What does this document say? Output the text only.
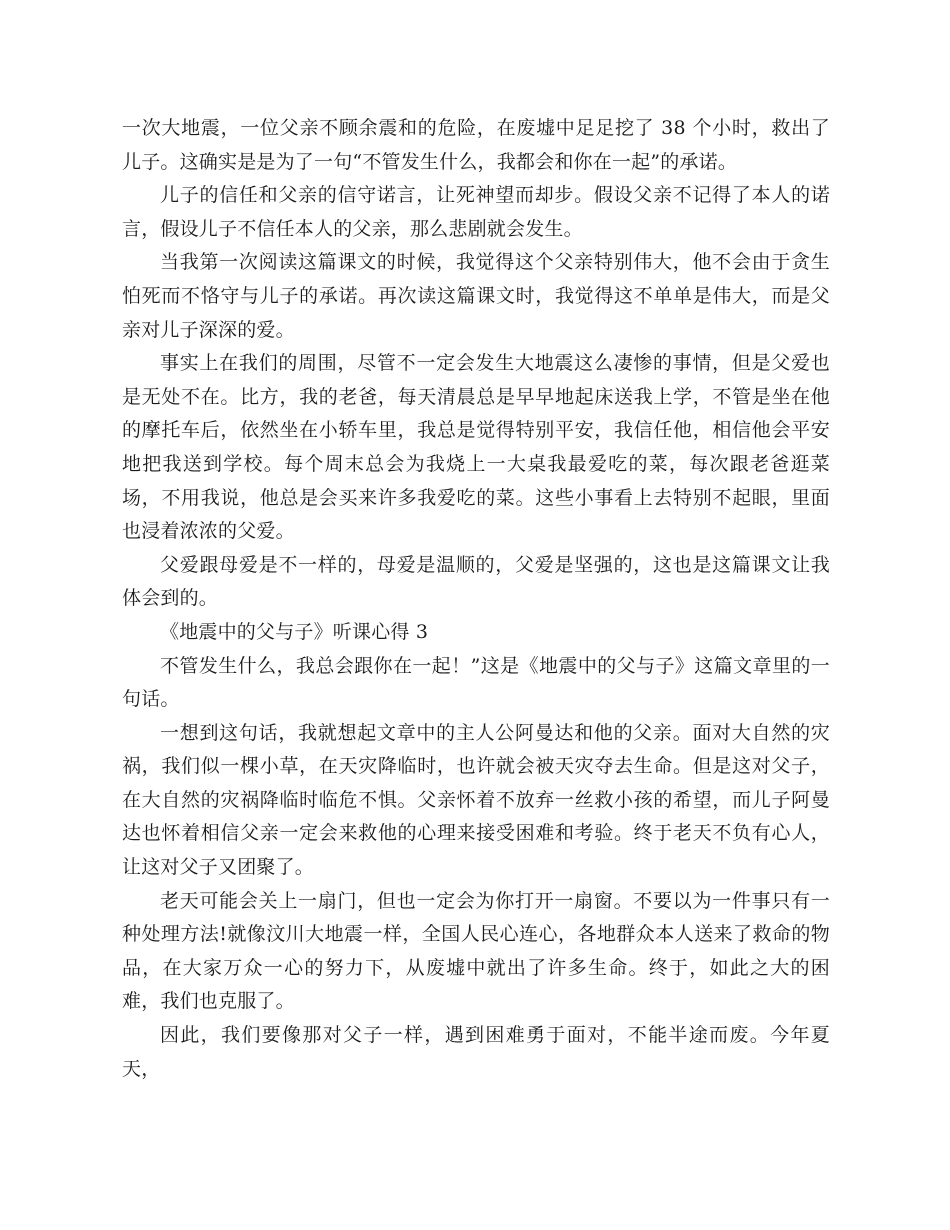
一次大地震，一位父亲不顾余震和的危险，在废墟中足足挖了 38 个小时，救出了儿子。这确实是是为了一句“不管发生什么，我都会和你在一起”的承诺。

儿子的信任和父亲的信守诺言，让死神望而却步。假设父亲不记得了本人的诺言，假设儿子不信任本人的父亲，那么悲剧就会发生。

当我第一次阅读这篇课文的时候，我觉得这个父亲特别伟大，他不会由于贪生怕死而不恪守与儿子的承诺。再次读这篇课文时，我觉得这不单单是伟大，而是父亲对儿子深深的爱。

事实上在我们的周围，尽管不一定会发生大地震这么凄惨的事情，但是父爱也是无处不在。比方，我的老爸，每天清晨总是早早地起床送我上学，不管是坐在他的摩托车后，依然坐在小轿车里，我总是觉得特别平安，我信任他，相信他会平安地把我送到学校。每个周末总会为我烧上一大桌我最爱吃的菜，每次跟老爸逛菜场，不用我说，他总是会买来许多我爱吃的菜。这些小事看上去特别不起眼，里面也浸着浓浓的父爱。

父爱跟母爱是不一样的，母爱是温顺的，父爱是坚强的，这也是这篇课文让我体会到的。

《地震中的父与子》听课心得 3

不管发生什么，我总会跟你在一起！”这是《地震中的父与子》这篇文章里的一句话。

一想到这句话，我就想起文章中的主人公阿曼达和他的父亲。面对大自然的灾祸，我们似一棵小草，在天灾降临时，也许就会被天灾夺去生命。但是这对父子，在大自然的灾祸降临时临危不惧。父亲怀着不放弃一丝救小孩的希望，而儿子阿曼达也怀着相信父亲一定会来救他的心理来接受困难和考验。终于老天不负有心人，让这对父子又团聚了。

老天可能会关上一扇门，但也一定会为你打开一扇窗。不要以为一件事只有一种处理方法!就像汶川大地震一样，全国人民心连心，各地群众本人送来了救命的物品，在大家万众一心的努力下，从废墟中就出了许多生命。终于，如此之大的困难，我们也克服了。

因此，我们要像那对父子一样，遇到困难勇于面对，不能半途而废。今年夏天，
